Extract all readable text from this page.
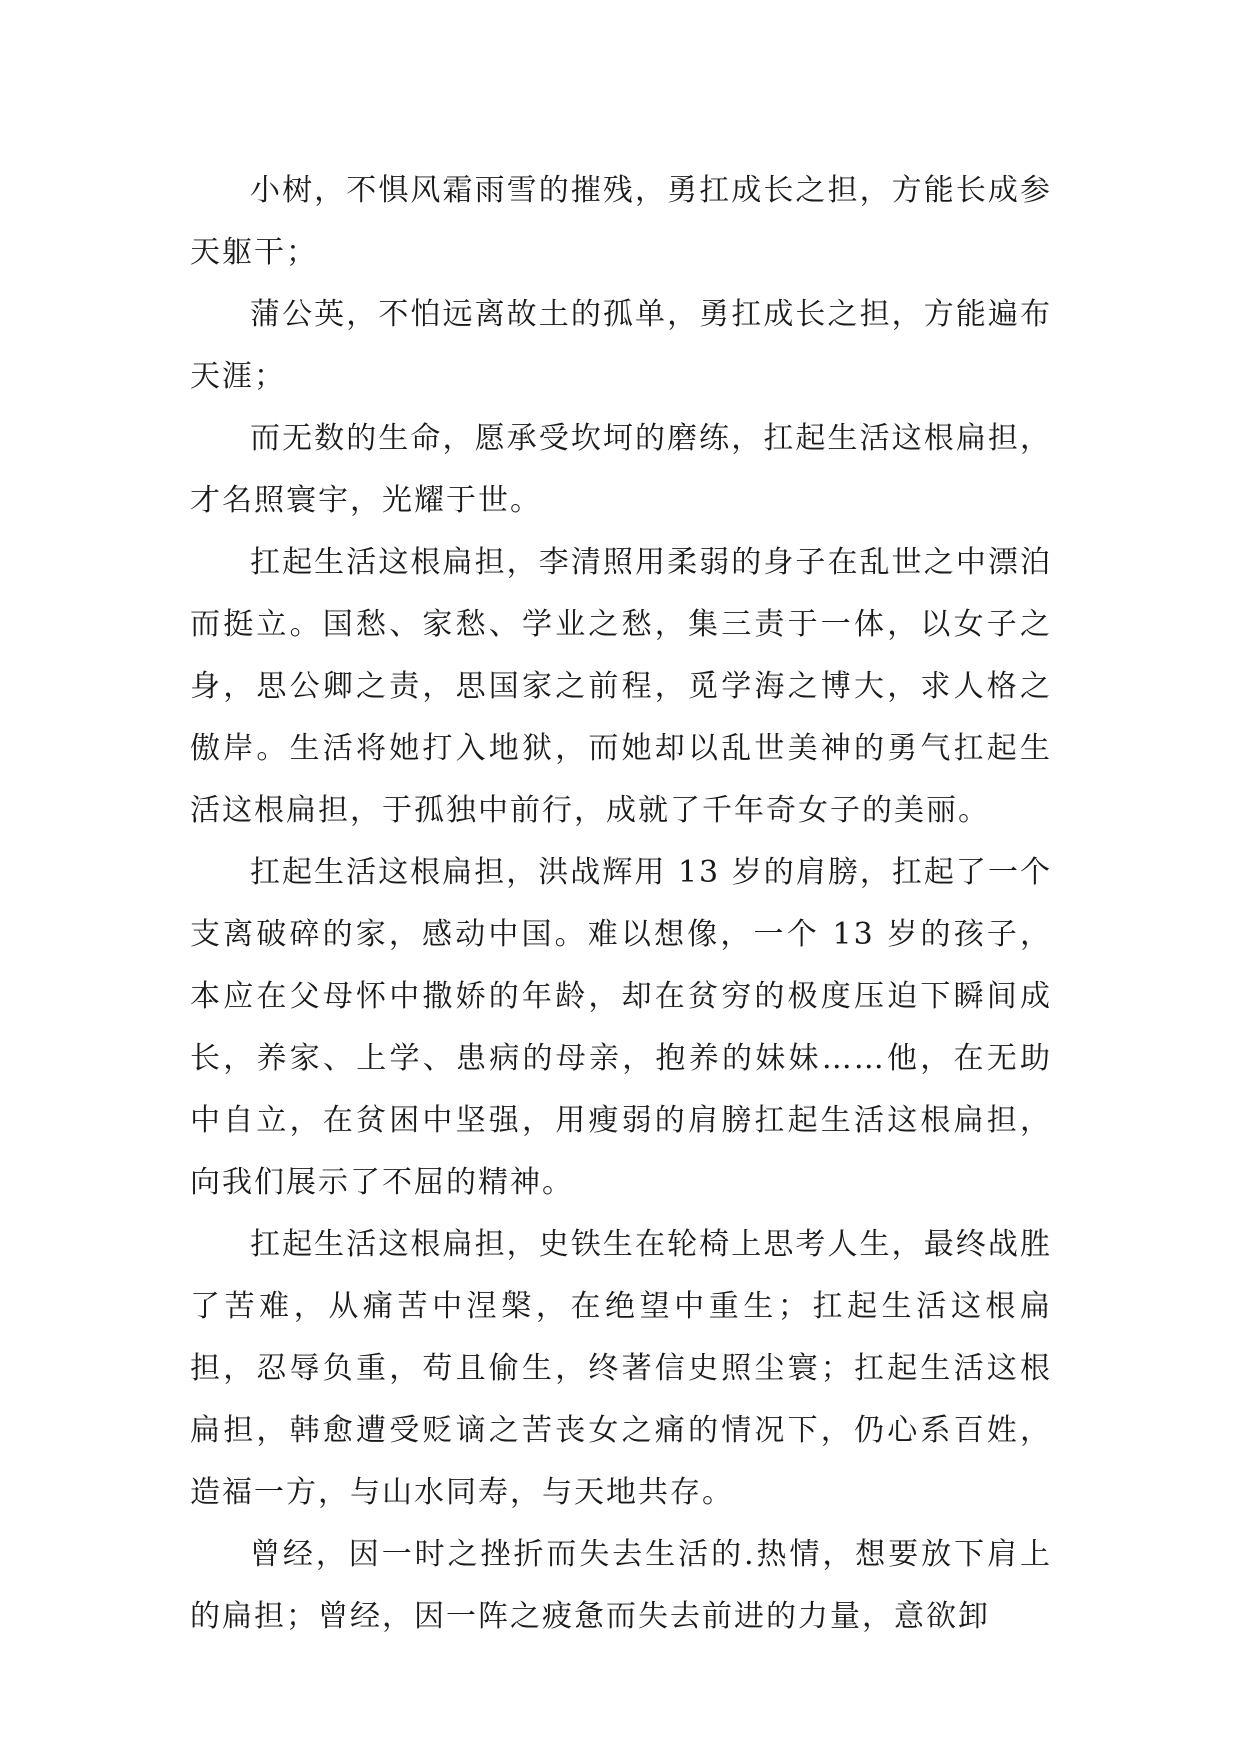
小树，不惧风霜雨雪的摧残，勇扛成长之担，方能长成参天躯干；

蒲公英，不怕远离故土的孤单，勇扛成长之担，方能遍布天涯；

而无数的生命，愿承受坎坷的磨练，扛起生活这根扁担，才名照寰宇，光耀于世。

扛起生活这根扁担，李清照用柔弱的身子在乱世之中漂泊而挺立。国愁、家愁、学业之愁，集三责于一体，以女子之身，思公卿之责，思国家之前程，觅学海之博大，求人格之傲岸。生活将她打入地狱，而她却以乱世美神的勇气扛起生活这根扁担，于孤独中前行，成就了千年奇女子的美丽。

扛起生活这根扁担，洪战辉用 13 岁的肩膀，扛起了一个支离破碎的家，感动中国。难以想像，一个 13 岁的孩子，本应在父母怀中撒娇的年龄，却在贫穷的极度压迫下瞬间成长，养家、上学、患病的母亲，抱养的妹妹……他，在无助中自立，在贫困中坚强，用瘦弱的肩膀扛起生活这根扁担，向我们展示了不屈的精神。

扛起生活这根扁担，史铁生在轮椅上思考人生，最终战胜了苦难，从痛苦中涅槃，在绝望中重生；扛起生活这根扁担，忍辱负重，苟且偷生，终著信史照尘寰；扛起生活这根扁担，韩愈遭受贬谪之苦丧女之痛的情况下，仍心系百姓，造福一方，与山水同寿，与天地共存。

曾经，因一时之挫折而失去生活的.热情，想要放下肩上的扁担；曾经，因一阵之疲惫而失去前进的力量，意欲卸
